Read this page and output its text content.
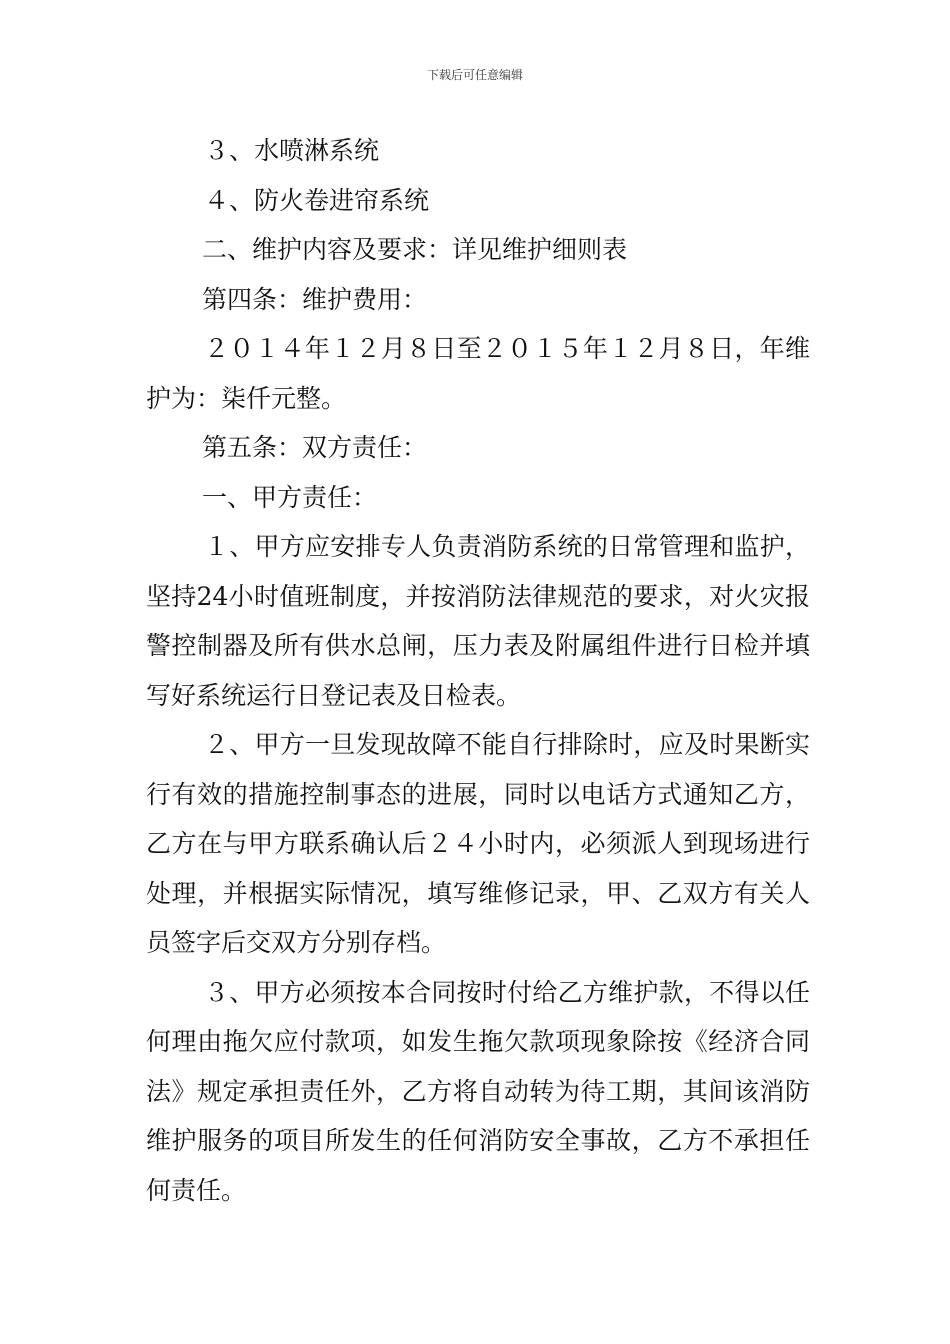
下载后可任意编辑

３、水喷淋系统

４、防火卷进帘系统

二、维护内容及要求：详见维护细则表

第四条：维护费用：

２０１４年１２月８日至２０１５年１２月８日，年维护为：柒仟元整。

第五条：双方责任：

一、甲方责任：

１、甲方应安排专人负责消防系统的日常管理和监护，坚持24小时值班制度，并按消防法律规范的要求，对火灾报警控制器及所有供水总闸，压力表及附属组件进行日检并填写好系统运行日登记表及日检表。

２、甲方一旦发现故障不能自行排除时，应及时果断实行有效的措施控制事态的进展，同时以电话方式通知乙方，乙方在与甲方联系确认后２４小时内，必须派人到现场进行处理，并根据实际情况，填写维修记录，甲、乙双方有关人员签字后交双方分别存档。

３、甲方必须按本合同按时付给乙方维护款，不得以任何理由拖欠应付款项，如发生拖欠款项现象除按《经济合同法》规定承担责任外，乙方将自动转为待工期，其间该消防维护服务的项目所发生的任何消防安全事故，乙方不承担任何责任。
